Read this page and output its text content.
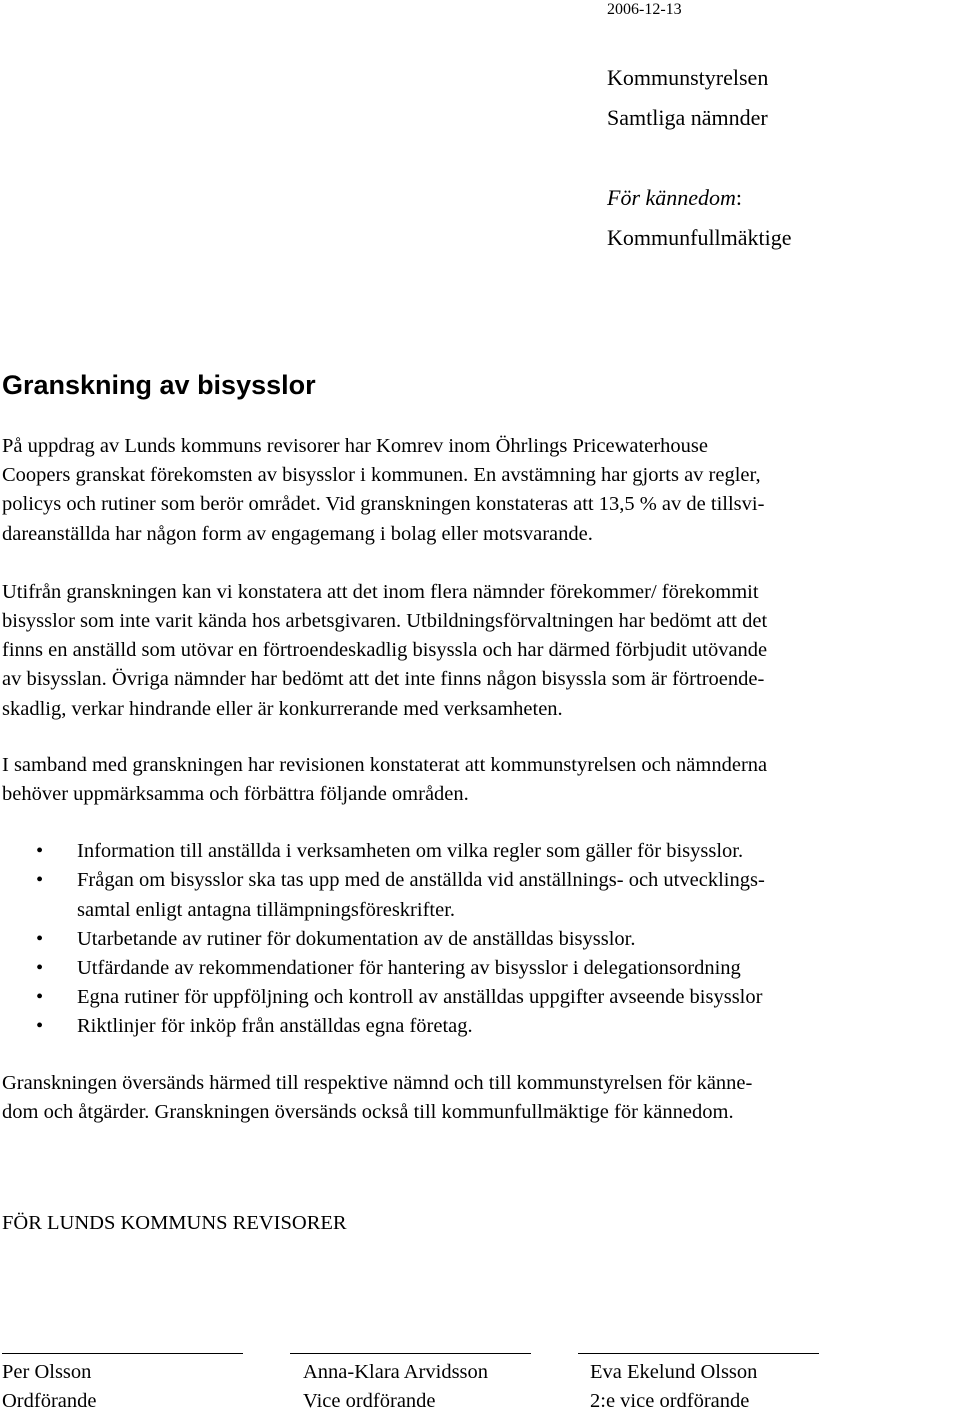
2006-12-13
Kommunstyrelsen
Samtliga nämnder

För kännedom:
Kommunfullmäktige
Granskning av bisysslor

På uppdrag av Lunds kommuns revisorer har Komrev inom Öhrlings Pricewaterhouse
Coopers granskat förekomsten av bisysslor i kommunen. En avstämning har gjorts av regler,
policys och rutiner som berör området. Vid granskningen konstateras att 13,5 % av de tillsvi-
dareanställda har någon form av engagemang i bolag eller motsvarande.

Utifrån granskningen kan vi konstatera att det inom flera nämnder förekommer/ förekommit
bisysslor som inte varit kända hos arbetsgivaren. Utbildningsförvaltningen har bedömt att det
finns en anställd som utövar en förtroendeskadlig bisyssla och har därmed förbjudit utövande
av bisysslan. Övriga nämnder har bedömt att det inte finns någon bisyssla som är förtroende-
skadlig, verkar hindrande eller är konkurrerande med verksamheten.

I samband med granskningen har revisionen konstaterat att kommunstyrelsen och nämnderna
behöver uppmärksamma och förbättra följande områden.

• Information till anställda i verksamheten om vilka regler som gäller för bisysslor.
• Frågan om bisysslor ska tas upp med de anställda vid anställnings- och utvecklings-
samtal enligt antagna tillämpningsföreskrifter.
• Utarbetande av rutiner för dokumentation av de anställdas bisysslor.
• Utfärdande av rekommendationer för hantering av bisysslor i delegationsordning
• Egna rutiner för uppföljning och kontroll av anställdas uppgifter avseende bisysslor
• Riktlinjer för inköp från anställdas egna företag.

Granskningen översänds härmed till respektive nämnd och till kommunstyrelsen för känne-
dom och åtgärder. Granskningen översänds också till kommunfullmäktige för kännedom.

FÖR LUNDS KOMMUNS REVISORER
Per Olsson
Ordförande
Anna-Klara Arvidsson
Vice ordförande
Eva Ekelund Olsson
2:e vice ordförande
